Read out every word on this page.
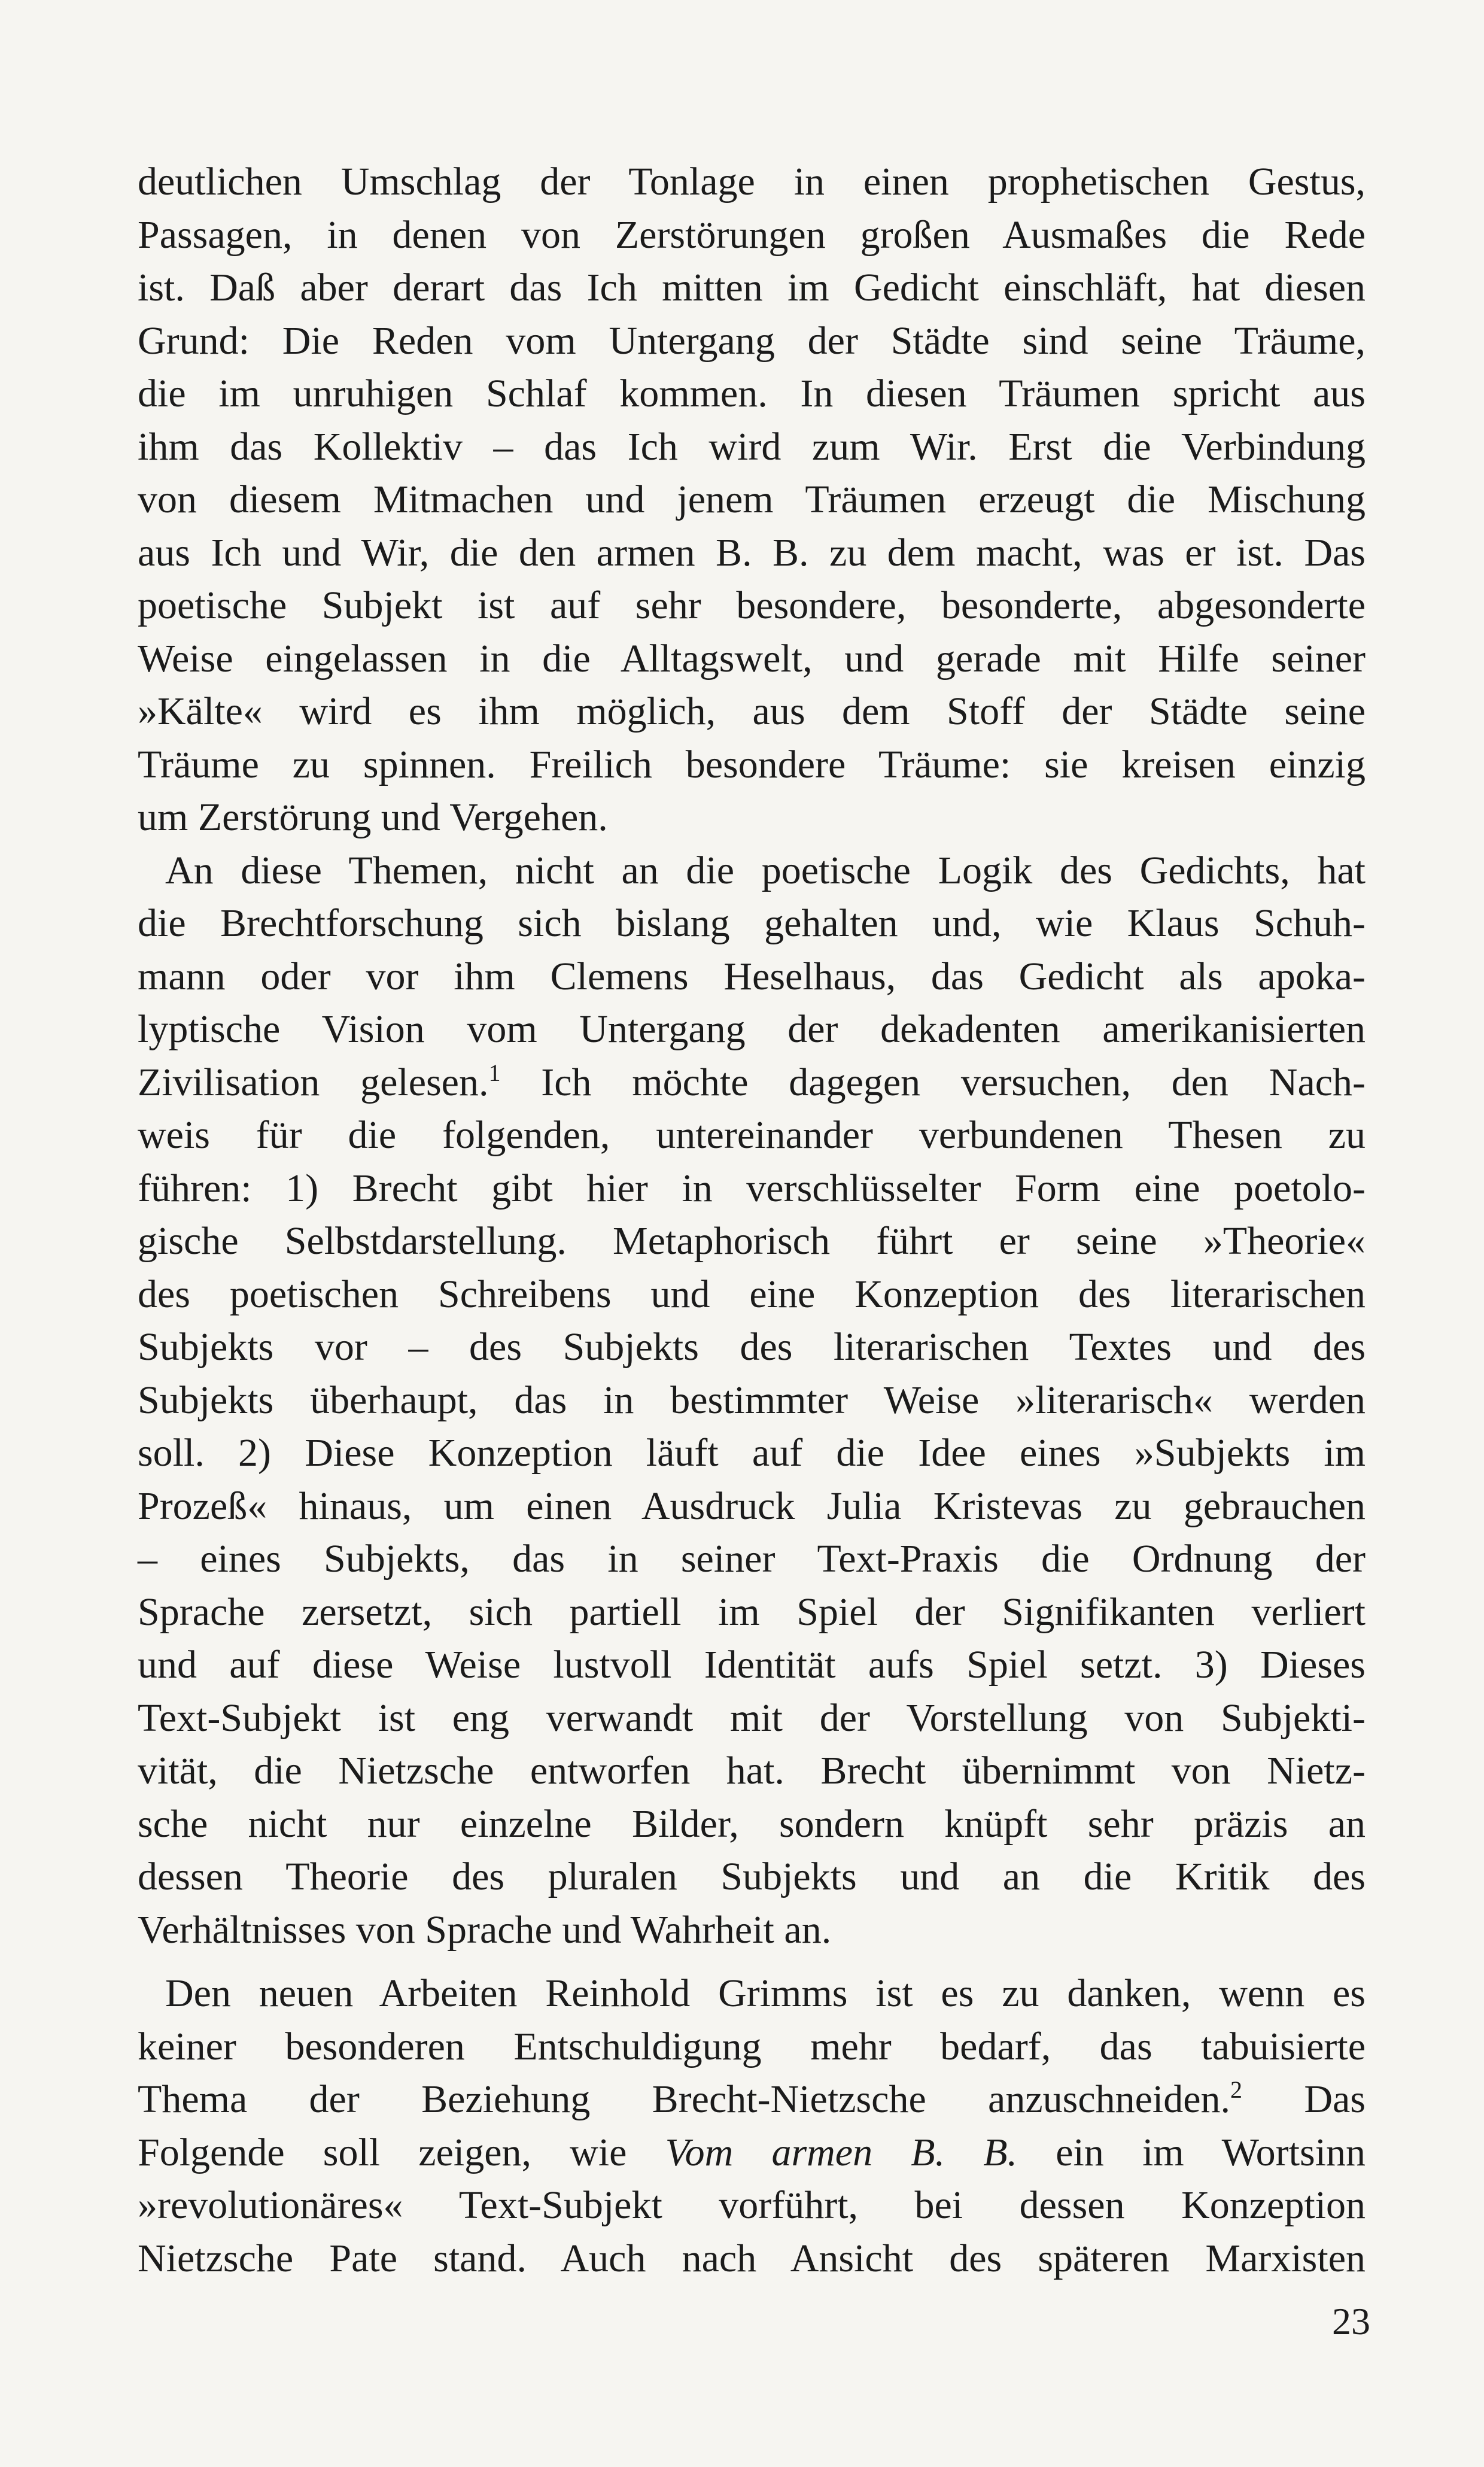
deutlichen Umschlag der Tonlage in einen prophetischen Gestus,
Passagen, in denen von Zerstörungen großen Ausmaßes die Rede
ist. Daß aber derart das Ich mitten im Gedicht einschläft, hat diesen
Grund: Die Reden vom Untergang der Städte sind seine Träume,
die im unruhigen Schlaf kommen. In diesen Träumen spricht aus
ihm das Kollektiv – das Ich wird zum Wir. Erst die Verbindung
von diesem Mitmachen und jenem Träumen erzeugt die Mischung
aus Ich und Wir, die den armen B. B. zu dem macht, was er ist. Das
poetische Subjekt ist auf sehr besondere, besonderte, abgesonderte
Weise eingelassen in die Alltagswelt, und gerade mit Hilfe seiner
»Kälte« wird es ihm möglich, aus dem Stoff der Städte seine
Träume zu spinnen. Freilich besondere Träume: sie kreisen einzig
um Zerstörung und Vergehen.
An diese Themen, nicht an die poetische Logik des Gedichts, hat
die Brechtforschung sich bislang gehalten und, wie Klaus Schuh-
mann oder vor ihm Clemens Heselhaus, das Gedicht als apoka-
lyptische Vision vom Untergang der dekadenten amerikanisierten
Zivilisation gelesen.$^1$ Ich möchte dagegen versuchen, den Nach-
weis für die folgenden, untereinander verbundenen Thesen zu
führen: 1) Brecht gibt hier in verschlüsselter Form eine poetolo-
gische Selbstdarstellung. Metaphorisch führt er seine »Theorie«
des poetischen Schreibens und eine Konzeption des literarischen
Subjekts vor – des Subjekts des literarischen Textes und des
Subjekts überhaupt, das in bestimmter Weise »literarisch« werden
soll. 2) Diese Konzeption läuft auf die Idee eines »Subjekts im
Prozeß« hinaus, um einen Ausdruck Julia Kristevas zu gebrauchen
– eines Subjekts, das in seiner Text-Praxis die Ordnung der
Sprache zersetzt, sich partiell im Spiel der Signifikanten verliert
und auf diese Weise lustvoll Identität aufs Spiel setzt. 3) Dieses
Text-Subjekt ist eng verwandt mit der Vorstellung von Subjekti-
vität, die Nietzsche entworfen hat. Brecht übernimmt von Nietz-
sche nicht nur einzelne Bilder, sondern knüpft sehr präzis an
dessen Theorie des pluralen Subjekts und an die Kritik des
Verhältnisses von Sprache und Wahrheit an.
Den neuen Arbeiten Reinhold Grimms ist es zu danken, wenn es
keiner besonderen Entschuldigung mehr bedarf, das tabuisierte
Thema der Beziehung Brecht-Nietzsche anzuschneiden.$^2$ Das
Folgende soll zeigen, wie Vom armen B. B. ein im Wortsinn
»revolutionäres« Text-Subjekt vorführt, bei dessen Konzeption
Nietzsche Pate stand. Auch nach Ansicht des späteren Marxisten
23
